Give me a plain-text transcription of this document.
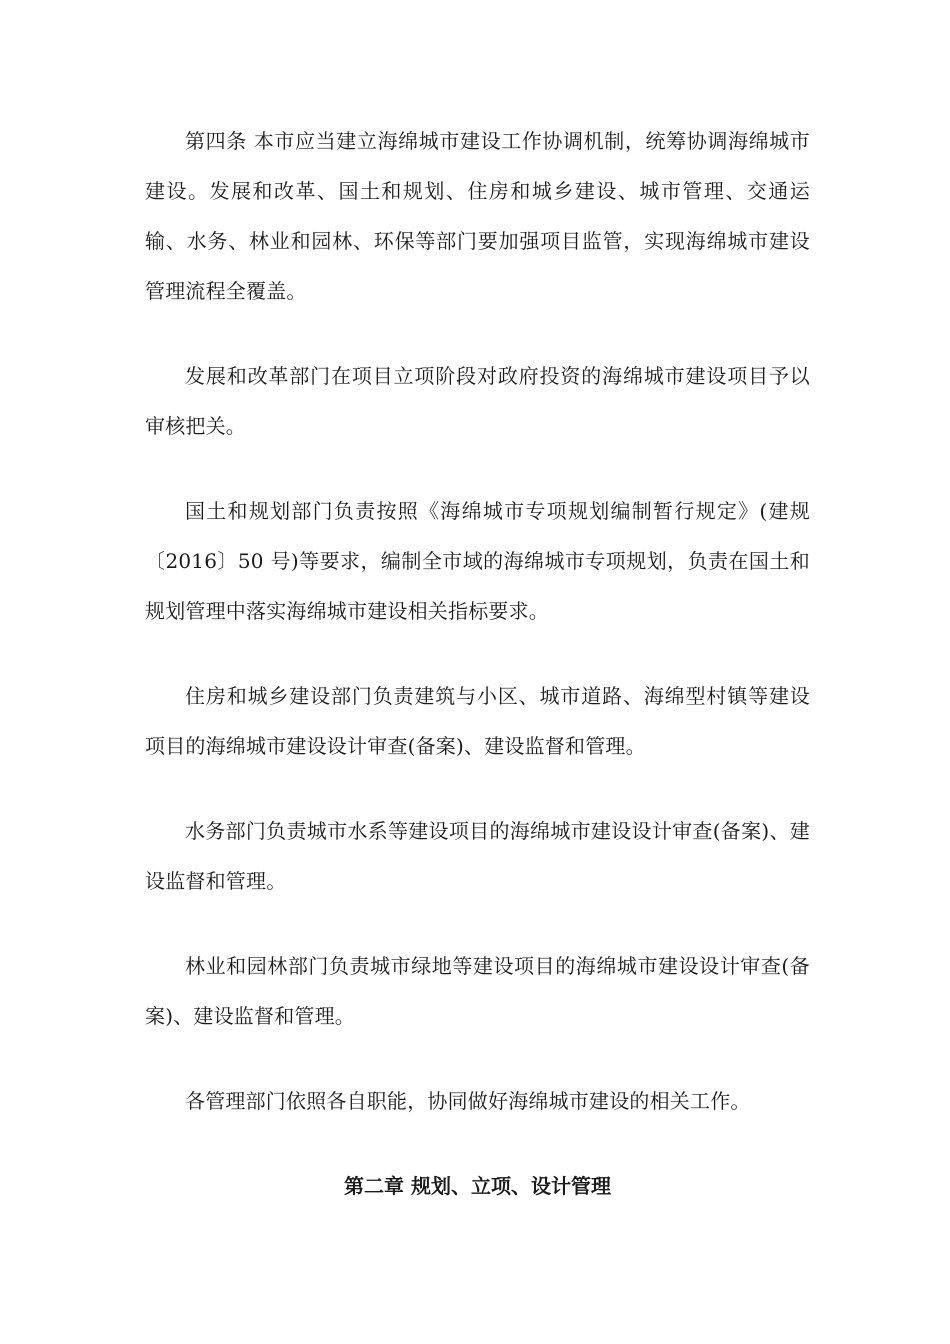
第四条 本市应当建立海绵城市建设工作协调机制，统筹协调海绵城市建设。发展和改革、国土和规划、住房和城乡建设、城市管理、交通运输、水务、林业和园林、环保等部门要加强项目监管，实现海绵城市建设管理流程全覆盖。

发展和改革部门在项目立项阶段对政府投资的海绵城市建设项目予以审核把关。

国土和规划部门负责按照《海绵城市专项规划编制暂行规定》(建规〔2016〕50 号)等要求，编制全市域的海绵城市专项规划，负责在国土和规划管理中落实海绵城市建设相关指标要求。

住房和城乡建设部门负责建筑与小区、城市道路、海绵型村镇等建设项目的海绵城市建设设计审查(备案)、建设监督和管理。

水务部门负责城市水系等建设项目的海绵城市建设设计审查(备案)、建设监督和管理。

林业和园林部门负责城市绿地等建设项目的海绵城市建设设计审查(备案)、建设监督和管理。

各管理部门依照各自职能，协同做好海绵城市建设的相关工作。

第二章 规划、立项、设计管理
